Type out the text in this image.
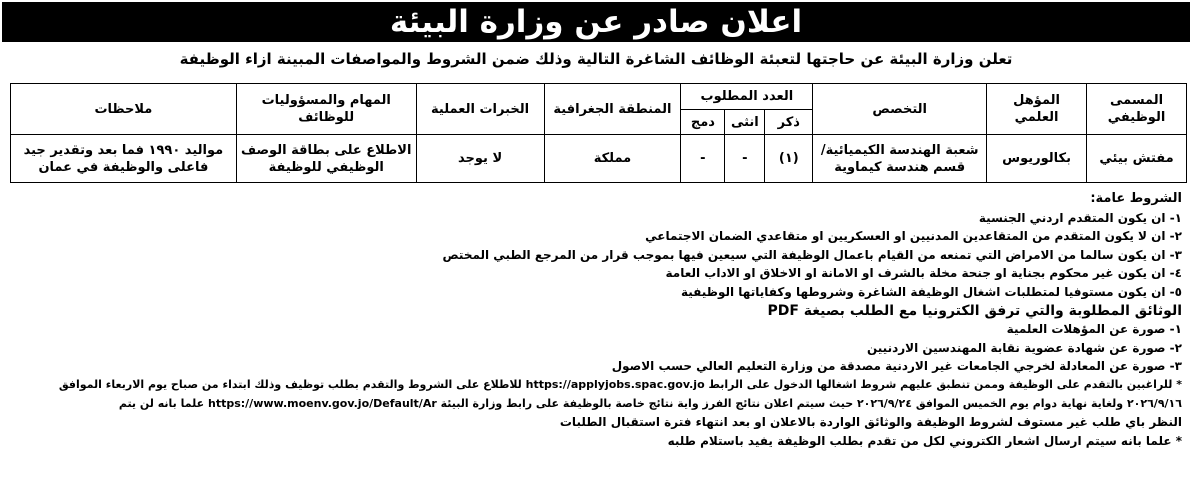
اعلان صادر عن وزارة البيئة
تعلن وزارة البيئة عن حاجتها لتعبئة الوظائف الشاغرة التالية وذلك ضمن الشروط والمواصفات المبينة ازاء الوظيفة
المسمى الوظيفي	المؤهل العلمي	التخصص	العدد المطلوب			المنطقة الجغرافية	الخبرات العملية	المهام والمسؤوليات للوظائف	ملاحظات
			ذكر	انثى	دمج				
مفتش بيئي	بكالوريوس	شعبة الهندسة الكيميائية/ قسم هندسة كيماوية	(١)	-	-	مملكة	لا يوجد	الاطلاع على بطاقة الوصف الوظيفي للوظيفة	مواليد ١٩٩٠ فما بعد وتقدير جيد فاعلى والوظيفة في عمان

الشروط عامة:

١- ان يكون المتقدم اردني الجنسية

٢- ان لا يكون المتقدم من المتقاعدين المدنيين او العسكريين او متقاعدي الضمان الاجتماعي

٣- ان يكون سالما من الامراض التي تمنعه من القيام باعمال الوظيفة التي سيعين فيها بموجب قرار من المرجع الطبي المختص

٤- ان يكون غير محكوم بجناية او جنحة مخلة بالشرف او الامانة او الاخلاق او الاداب العامة

٥- ان يكون مستوفيا لمتطلبات اشغال الوظيفة الشاغرة وشروطها وكفاياتها الوظيفية

الوثائق المطلوبة والتي ترفق الكترونيا مع الطلب بصيغة PDF

١- صورة عن المؤهلات العلمية

٢- صورة عن شهادة عضوية نقابة المهندسين الاردنيين

٣- صورة عن المعادلة لخرجي الجامعات غير الاردنية مصدقة من وزارة التعليم العالي حسب الاصول

* للراغبين بالتقدم على الوظيفة وممن تنطبق عليهم شروط اشغالها الدخول على الرابط https://applyjobs.spac.gov.jo للاطلاع على الشروط والتقدم بطلب توظيف وذلك ابتداء من صباح يوم الاربعاء الموافق

٢٠٢٦/٩/١٦ ولغاية نهاية دوام يوم الخميس الموافق ٢٠٢٦/٩/٢٤ حيث سيتم اعلان نتائج الفرز واية نتائج خاصة بالوظيفة على رابط وزارة البيئة https://www.moenv.gov.jo/Default/Ar علما بانه لن يتم

النظر باي طلب غير مستوف لشروط الوظيفة والوثائق الواردة بالاعلان او بعد انتهاء فترة استقبال الطلبات

* علما بانه سيتم ارسال اشعار الكتروني لكل من تقدم بطلب الوظيفة يفيد باستلام طلبه
